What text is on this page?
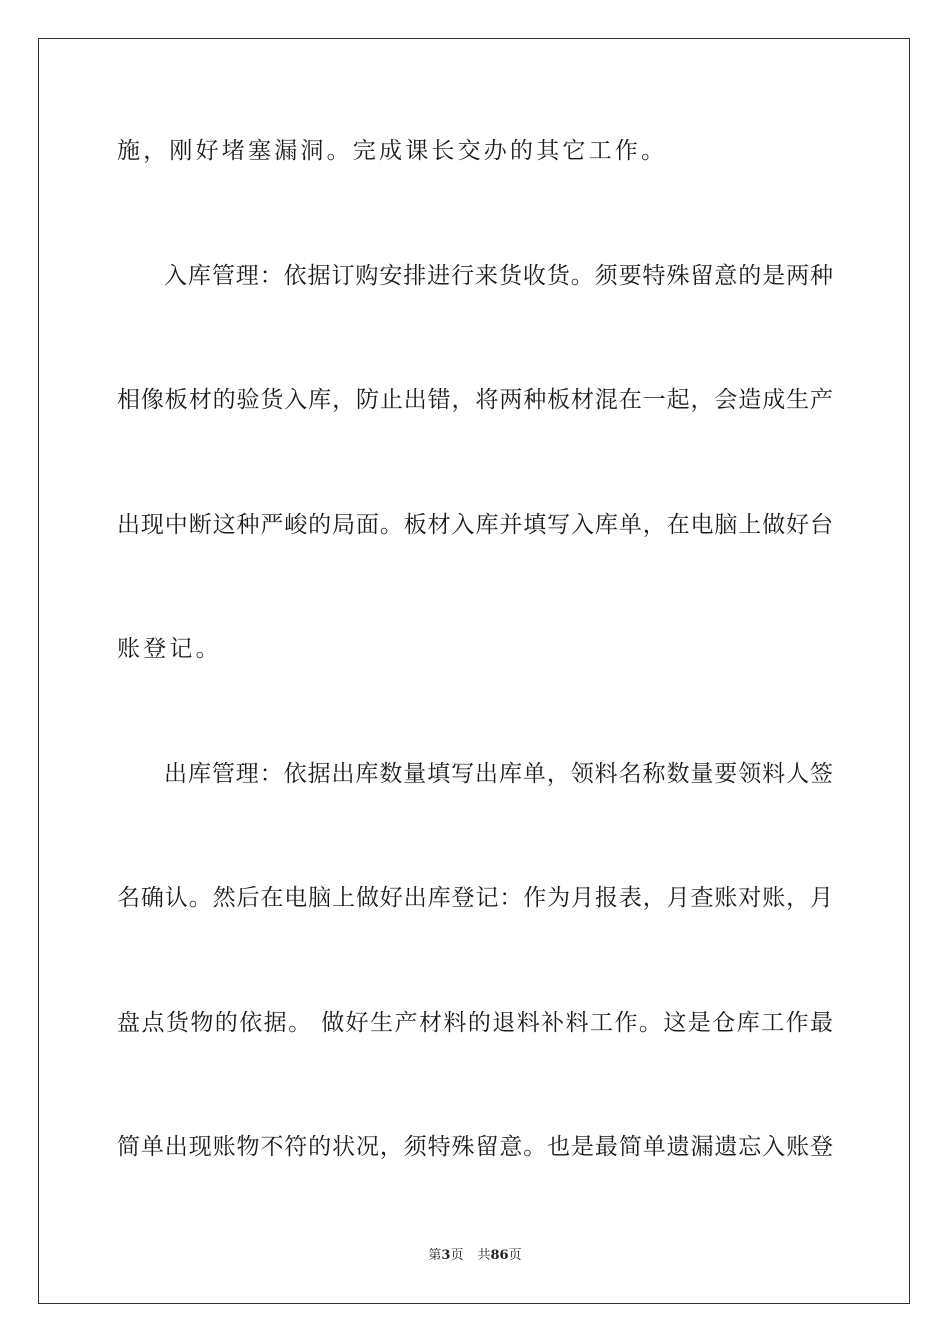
施，刚好堵塞漏洞。完成课长交办的其它工作。
入库管理：依据订购安排进行来货收货。须要特殊留意的是两种
相像板材的验货入库，防止出错，将两种板材混在一起，会造成生产
出现中断这种严峻的局面。板材入库并填写入库单，在电脑上做好台
账登记。
出库管理：依据出库数量填写出库单，领料名称数量要领料人签
名确认。然后在电脑上做好出库登记：作为月报表，月查账对账，月
盘点货物的依据。 做好生产材料的退料补料工作。这是仓库工作最
简单出现账物不符的状况，须特殊留意。也是最简单遗漏遗忘入账登
第3页 共86页
